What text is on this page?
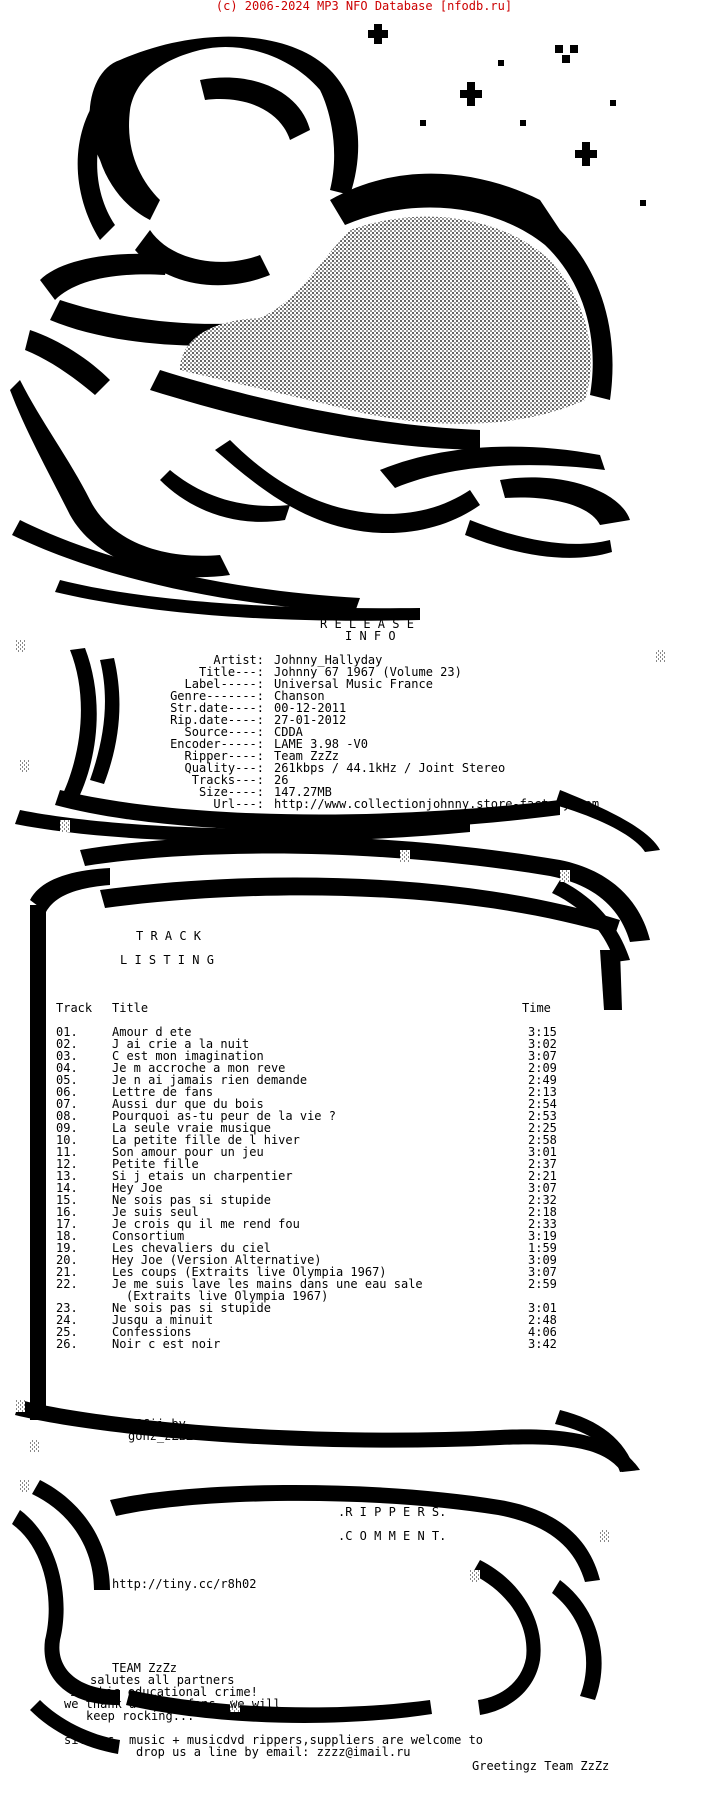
(c) 2006-2024 MP3 NFO Database [nfodb.ru]
R E L E A S E
I N F O
Artist: Johnny_Hallyday
Title---: Johnny 67 1967 (Volume 23)
Label-----: Universal Music France
Genre-------: Chanson
Str.date----: 00-12-2011
Rip.date----: 27-01-2012
Source----: CDDA
Encoder-----: LAME 3.98 -V0
Ripper----: Team ZzZz
Quality---: 261kbps / 44.1kHz / Joint Stereo
Tracks---: 26
Size----: 147.27MB
Url---: http://www.collectionjohnny.store-factory.com
T R A C K
L I S T I N G
Track Title	Time
01.	Amour d ete	3:15
02.	J ai crie a la nuit	3:02
03.	C est mon imagination	3:07
04.	Je m accroche a mon reve	2:09
05.	Je n ai jamais rien demande	2:49
06.	Lettre de fans	2:13
07.	Aussi dur que du bois	2:54
08.	Pourquoi as-tu peur de la vie ?	2:53
09.	La seule vraie musique	2:25
10.	La petite fille de l hiver	2:58
11.	Son amour pour un jeu	3:01
12.	Petite fille	2:37
13.	Si j etais un charpentier	2:21
14.	Hey Joe	3:07
15.	Ne sois pas si stupide	2:32
16.	Je suis seul	2:18
17.	Je crois qu il me rend fou	2:33
18.	Consortium	3:19
19.	Les chevaliers du ciel	1:59
20.	Hey Joe (Version Alternative)	3:09
21.	Les coups (Extraits live Olympia 1967)	3:07
22.	Je me suis lave les mains dans une eau sale	2:59
(Extraits live Olympia 1967)
23.	Ne sois pas si stupide	3:01
24.	Jusqu a minuit	2:48
25.	Confessions	4:06
26.	Noir c est noir	3:42
ASCii by
gonz_zZzZ
.R I P P E R S.
.C O M M E N T.
http://tiny.cc/r8h02
TEAM ZzZz
salutes all partners
in this educational crime!
we thank all the fans, we will
keep rocking...
siteops, music + musicdvd rippers,suppliers are welcome to
drop us a line by email: zzzz@imail.ru
Greetingz Team ZzZz
